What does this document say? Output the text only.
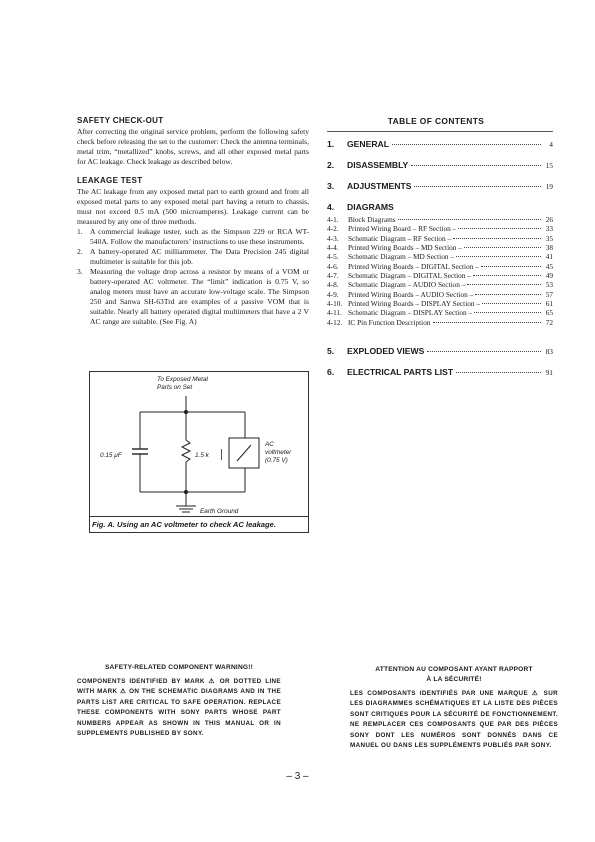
SAFETY CHECK-OUT

After correcting the original service problem, perform the following safety check before releasing the set to the customer: Check the antenna terminals, metal trim, “metallized” knobs, screws, and all other exposed metal parts for AC leakage. Check leakage as described below.

LEAKAGE TEST

The AC leakage from any exposed metal part to earth ground and from all exposed metal parts to any exposed metal part having a return to chassis, must not exceed 0.5 mA (500 microamperes). Leakage current can be measured by any one of three methods.

1. A commercial leakage tester, such as the Simpson 229 or RCA WT-540A. Follow the manufacturers’ instructions to use these instruments.
2. A battery-operated AC milliammeter. The Data Precision 245 digital multimeter is suitable for this job.
3. Measuring the voltage drop across a resistor by means of a VOM or battery-operated AC voltmeter. The “limit” indication is 0.75 V, so analog meters must have an accurate low-voltage scale. The Simpson 250 and Sanwa SH-63Trd are examples of a passive VOM that is suitable. Nearly all battery operated digital multimeters that have a 2 V AC range are suitable. (See Fig. A)
To Exposed Metal
Parts on Set
0.15 μF	1.5 k
AC
voltmeter
(0.75 V)
Earth Ground
Fig. A. Using an AC voltmeter to check AC leakage.
TABLE OF CONTENTS
1.	GENERAL	4
2.	DISASSEMBLY	15
3.	ADJUSTMENTS	19
4.	DIAGRAMS
4-1.	Block Diagrams	26
4-2.	Printed Wiring Board – RF Section –	33
4-3.	Schematic Diagram – RF Section –	35
4-4.	Printed Wiring Boards – MD Section –	38
4-5.	Schematic Diagram – MD Section –	41
4-6.	Printed Wiring Boards – DIGITAL Section –	45
4-7.	Schematic Diagram – DIGITAL Section –	49
4-8.	Schematic Diagram – AUDIO Section –	53
4-9.	Printed Wiring Boards – AUDIO Section –	57
4-10. Printed Wiring Boards – DISPLAY Section –	61
4-11. Schematic Diagram – DISPLAY Section –	65
4-12. IC Pin Function Description	72
5.	EXPLODED VIEWS	83
6.	ELECTRICAL PARTS LIST	91
SAFETY-RELATED COMPONENT WARNING!!
COMPONENTS IDENTIFIED BY MARK ⚠ OR DOTTED LINE WITH MARK ⚠ ON THE SCHEMATIC DIAGRAMS AND IN THE PARTS LIST ARE CRITICAL TO SAFE OPERATION. REPLACE THESE COMPONENTS WITH SONY PARTS WHOSE PART NUMBERS APPEAR AS SHOWN IN THIS MANUAL OR IN SUPPLEMENTS PUBLISHED BY SONY.
ATTENTION AU COMPOSANT AYANT RAPPORT
À LA SÉCURITÉ!
LES COMPOSANTS IDENTIFIÉS PAR UNE MARQUE ⚠ SUR LES DIAGRAMMES SCHÉMATIQUES ET LA LISTE DES PIÈCES SONT CRITIQUES POUR LA SÉCURITÉ DE FONCTIONNEMENT. NE REMPLACER CES COMPOSANTS QUE PAR DES PIÈCES SONY DONT LES NUMÉROS SONT DONNÉS DANS CE MANUEL OU DANS LES SUPPLÉMENTS PUBLIÉS PAR SONY.
– 3 –
